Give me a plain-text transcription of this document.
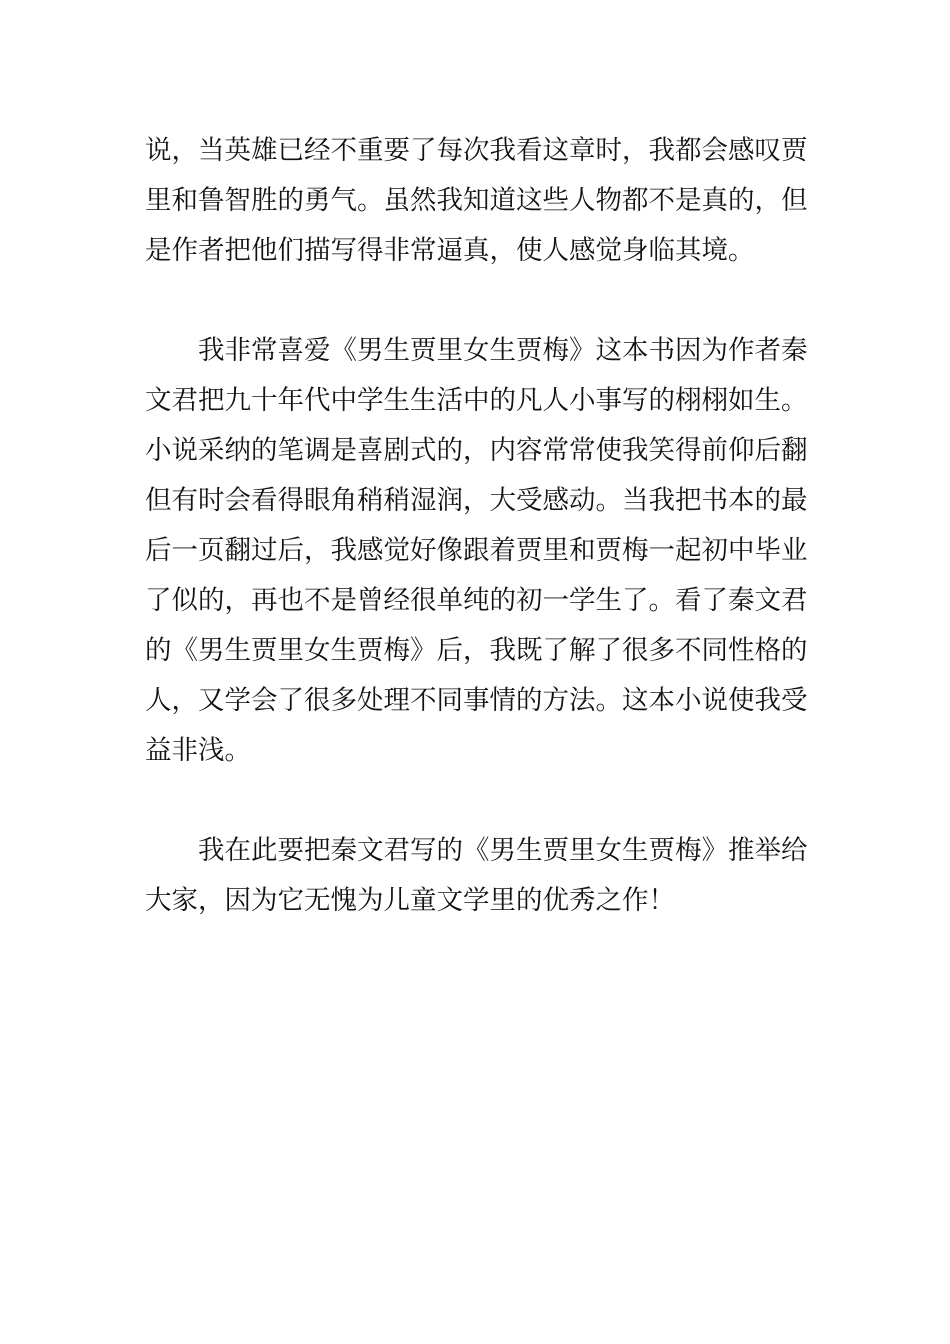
说，当英雄已经不重要了每次我看这章时，我都会感叹贾
里和鲁智胜的勇气。虽然我知道这些人物都不是真的，但
是作者把他们描写得非常逼真，使人感觉身临其境。
我非常喜爱《男生贾里女生贾梅》这本书因为作者秦
文君把九十年代中学生生活中的凡人小事写的栩栩如生。
小说采纳的笔调是喜剧式的，内容常常使我笑得前仰后翻
但有时会看得眼角稍稍湿润，大受感动。当我把书本的最
后一页翻过后，我感觉好像跟着贾里和贾梅一起初中毕业
了似的，再也不是曾经很单纯的初一学生了。看了秦文君
的《男生贾里女生贾梅》后，我既了解了很多不同性格的
人，又学会了很多处理不同事情的方法。这本小说使我受
益非浅。
我在此要把秦文君写的《男生贾里女生贾梅》推举给
大家，因为它无愧为儿童文学里的优秀之作！
